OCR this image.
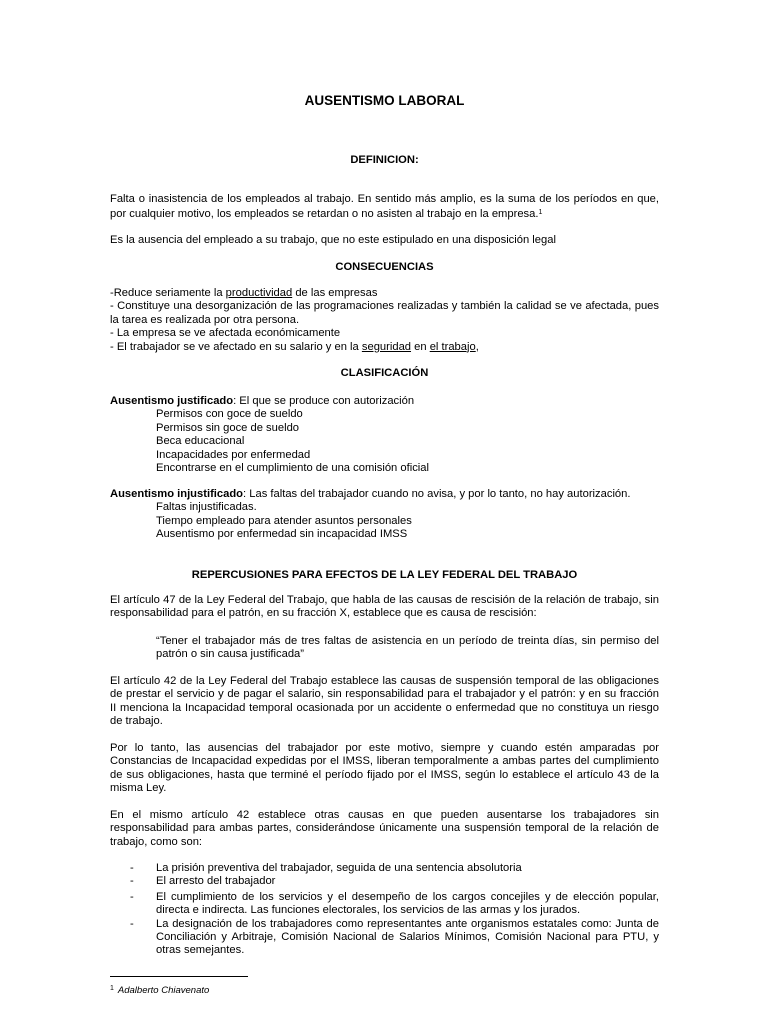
AUSENTISMO LABORAL
DEFINICION:

Falta o inasistencia de los empleados al trabajo. En sentido más amplio, es la suma de los períodos en que, por cualquier motivo, los empleados se retardan o no asisten al trabajo en la empresa.$^1$

Es la ausencia del empleado a su trabajo, que no este estipulado en una disposición legal

CONSECUENCIAS

-Reduce seriamente la productividad de las empresas

- Constituye una desorganización de las programaciones realizadas y también la calidad se ve afectada, pues la tarea es realizada por otra persona.

- La empresa se ve afectada económicamente

- El trabajador se ve afectado en su salario y en la seguridad en el trabajo,

CLASIFICACIÓN

Ausentismo justificado: El que se produce con autorización

Permisos con goce de sueldo

Permisos sin goce de sueldo

Beca educacional

Incapacidades por enfermedad

Encontrarse en el cumplimiento de una comisión oficial

Ausentismo injustificado: Las faltas del trabajador cuando no avisa, y por lo tanto, no hay autorización.

Faltas injustificadas.

Tiempo empleado para atender asuntos personales

Ausentismo por enfermedad sin incapacidad IMSS

REPERCUSIONES PARA EFECTOS DE LA LEY FEDERAL DEL TRABAJO

El artículo 47 de la Ley Federal del Trabajo, que habla de las causas de rescisión de la relación de trabajo, sin responsabilidad para el patrón, en su fracción X, establece que es causa de rescisión:

“Tener el trabajador más de tres faltas de asistencia en un período de treinta días, sin permiso del patrón o sin causa justificada”

El artículo 42 de la Ley Federal del Trabajo establece las causas de suspensión temporal de las obligaciones de prestar el servicio y de pagar el salario, sin responsabilidad para el trabajador y el patrón: y en su fracción II menciona la Incapacidad temporal ocasionada por un accidente o enfermedad que no constituya un riesgo de trabajo.

Por lo tanto, las ausencias del trabajador por este motivo, siempre y cuando estén amparadas por Constancias de Incapacidad expedidas por el IMSS, liberan temporalmente a ambas partes del cumplimiento de sus obligaciones, hasta que terminé el período fijado por el IMSS, según lo establece el artículo 43 de la misma Ley.

En el mismo artículo 42 establece otras causas en que pueden ausentarse los trabajadores sin responsabilidad para ambas partes, considerándose únicamente una suspensión temporal de la relación de trabajo, como son:

- La prisión preventiva del trabajador, seguida de una sentencia absolutoria
- El arresto del trabajador
- El cumplimiento de los servicios y el desempeño de los cargos concejiles y de elección popular, directa e indirecta. Las funciones electorales, los servicios de las armas y los jurados.
- La designación de los trabajadores como representantes ante organismos estatales como: Junta de Conciliación y Arbitraje, Comisión Nacional de Salarios Mínimos, Comisión Nacional para PTU, y otras semejantes.
$^1$ Adalberto Chiavenato
